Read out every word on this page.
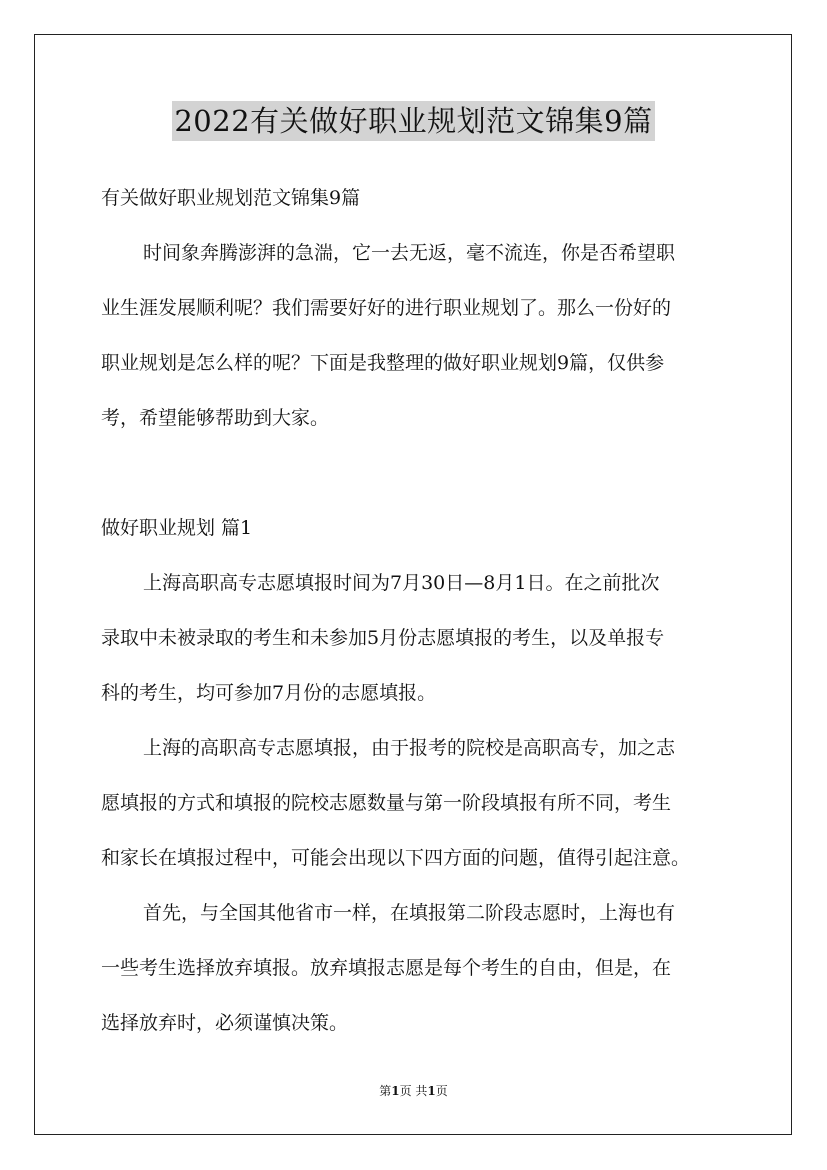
2022有关做好职业规划范文锦集9篇
有关做好职业规划范文锦集9篇
时间象奔腾澎湃的急湍，它一去无返，毫不流连，你是否希望职
业生涯发展顺利呢？我们需要好好的进行职业规划了。那么一份好的
职业规划是怎么样的呢？下面是我整理的做好职业规划9篇，仅供参
考，希望能够帮助到大家。
做好职业规划 篇1
上海高职高专志愿填报时间为7月30日—8月1日。在之前批次
录取中未被录取的考生和未参加5月份志愿填报的考生，以及单报专
科的考生，均可参加7月份的志愿填报。
上海的高职高专志愿填报，由于报考的院校是高职高专，加之志
愿填报的方式和填报的院校志愿数量与第一阶段填报有所不同，考生
和家长在填报过程中，可能会出现以下四方面的问题，值得引起注意。
首先，与全国其他省市一样，在填报第二阶段志愿时，上海也有
一些考生选择放弃填报。放弃填报志愿是每个考生的自由，但是，在
选择放弃时，必须谨慎决策。
第1页 共1页
